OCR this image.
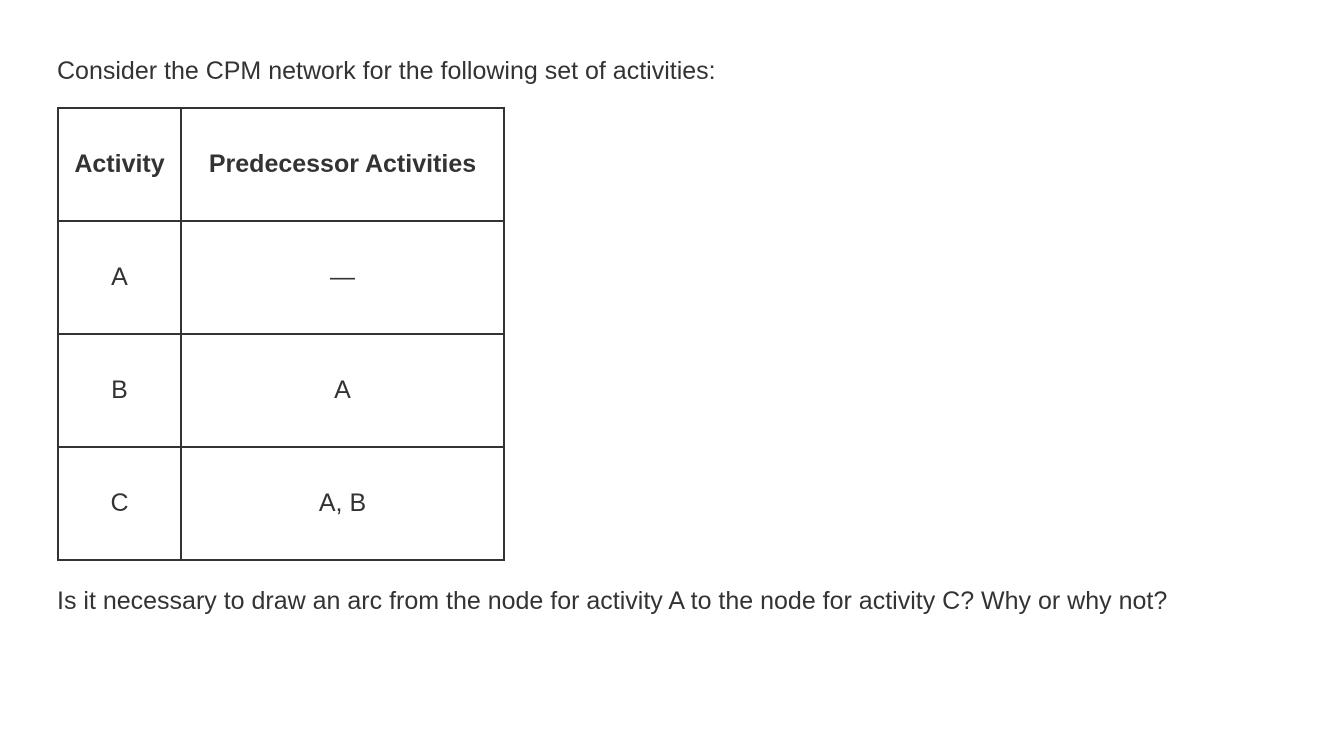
Consider the CPM network for the following set of activities:

Activity	Predecessor Activities
A	—
B	A
C	A, B

Is it necessary to draw an arc from the node for activity A to the node for activity C? Why or why not?
